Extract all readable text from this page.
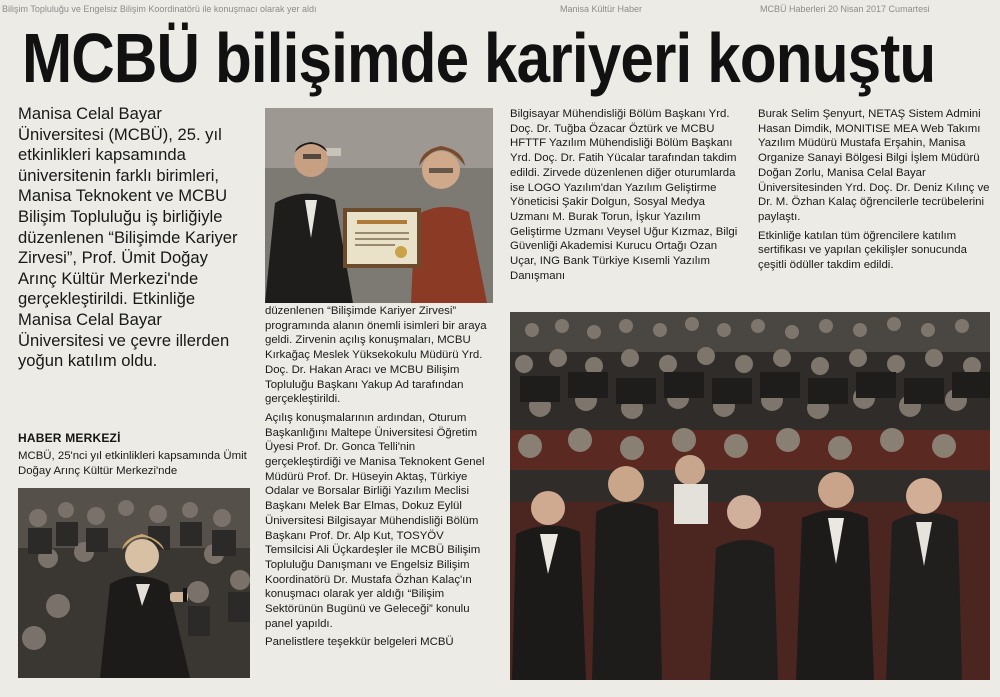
Bilişim Topluluğu ve Engelsiz Bilişim Koordinatörü ile konuşmacı olarak yer aldı	Manisa Kültür Haber	MCBÜ Haberleri 20 Nisan 2017 Cumartesi
MCBÜ bilişimde kariyeri konuştu

Manisa Celal Bayar Üniversitesi (MCBÜ), 25. yıl etkinlikleri kapsamında üniversitenin farklı birimleri, Manisa Teknokent ve MCBU Bilişim Topluluğu iş birliğiyle düzenlenen “Bilişimde Kariyer Zirvesi”, Prof. Ümit Doğay Arınç Kültür Merkezi'nde gerçekleştirildi. Etkinliğe Manisa Celal Bayar Üniversitesi ve çevre illerden yoğun katılım oldu.

HABER MERKEZİ

MCBÜ, 25'nci yıl etkinlikleri kapsamında Ümit Doğay Arınç Kültür Merkezi'nde

düzenlenen “Bilişimde Kariyer Zirvesi” programında alanın önemli isimleri bir araya geldi. Zirvenin açılış konuşmaları, MCBU Kırkağaç Meslek Yüksekokulu Müdürü Yrd. Doç. Dr. Hakan Aracı ve MCBU Bilişim Topluluğu Başkanı Yakup Ad tarafından gerçekleştirildi.

Açılış konuşmalarının ardından, Oturum Başkanlığını Maltepe Üniversitesi Öğretim Üyesi Prof. Dr. Gonca Telli'nin gerçekleştirdiği ve Manisa Teknokent Genel Müdürü Prof. Dr. Hüseyin Aktaş, Türkiye Odalar ve Borsalar Birliği Yazılım Meclisi Başkanı Melek Bar Elmas, Dokuz Eylül Üniversitesi Bilgisayar Mühendisliği Bölüm Başkanı Prof. Dr. Alp Kut, TOSYÖV Temsilcisi Ali Üçkardeşler ile MCBÜ Bilişim Topluluğu Danışmanı ve Engelsiz Bilişim Koordinatörü Dr. Mustafa Özhan Kalaç'ın konuşmacı olarak yer aldığı “Bilişim Sektörünün Bugünü ve Geleceği” konulu panel yapıldı.

Panelistlere teşekkür belgeleri MCBÜ

Bilgisayar Mühendisliği Bölüm Başkanı Yrd. Doç. Dr. Tuğba Özacar Öztürk ve MCBU HFTTF Yazılım Mühendisliği Bölüm Başkanı Yrd. Doç. Dr. Fatih Yücalar tarafından takdim edildi. Zirvede düzenlenen diğer oturumlarda ise LOGO Yazılım'dan Yazılım Geliştirme Yöneticisi Şakir Dolgun, Sosyal Medya Uzmanı M. Burak Torun, İşkur Yazılım Geliştirme Uzmanı Veysel Uğur Kızmaz, Bilgi Güvenliği Akademisi Kurucu Ortağı Ozan Uçar, ING Bank Türkiye Kısemli Yazılım Danışmanı

Burak Selim Şenyurt, NETAŞ Sistem Admini Hasan Dimdik, MONITISE MEA Web Takımı Yazılım Müdürü Mustafa Erşahin, Manisa Organize Sanayi Bölgesi Bilgi İşlem Müdürü Doğan Zorlu, Manisa Celal Bayar Üniversitesinden Yrd. Doç. Dr. Deniz Kılınç ve Dr. M. Özhan Kalaç öğrencilerle tecrübelerini paylaştı.

Etkinliğe katılan tüm öğrencilere katılım sertifikası ve yapılan çekilişler sonucunda çeşitli ödüller takdim edildi.
